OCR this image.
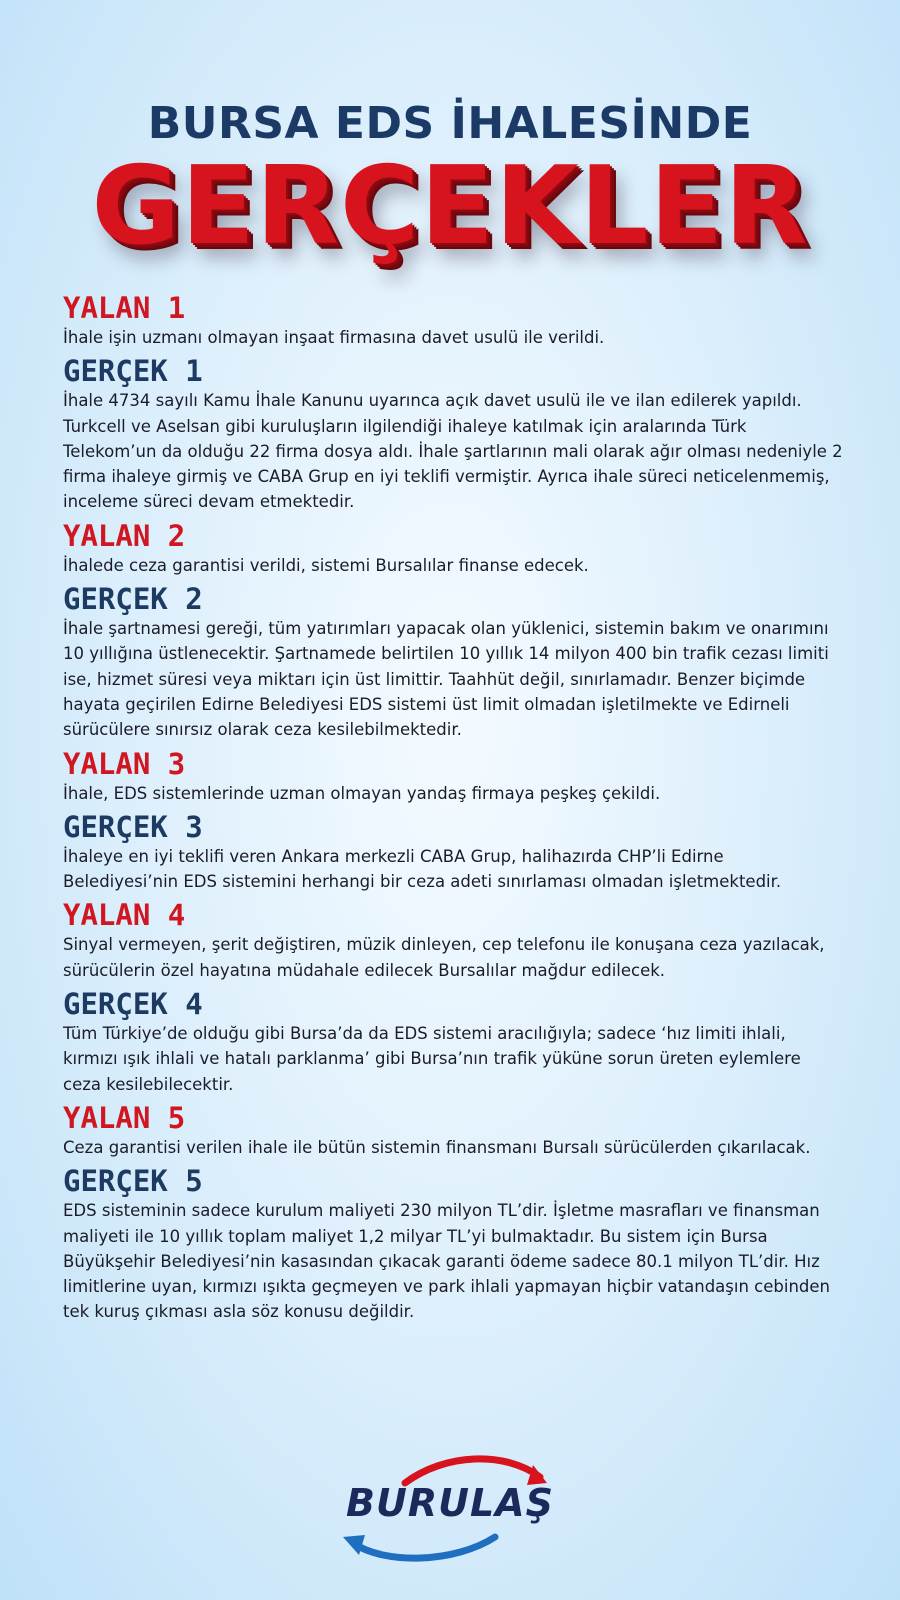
BURSA EDS İHALESİNDE
GERÇEKLER

YALAN 1

İhale işin uzmanı olmayan inşaat firmasına davet usulü ile verildi.

GERÇEK 1

İhale 4734 sayılı Kamu İhale Kanunu uyarınca açık davet usulü ile ve ilan edilerek yapıldı. Turkcell ve Aselsan gibi kuruluşların ilgilendiği ihaleye katılmak için aralarında Türk Telekom’un da olduğu 22 firma dosya aldı. İhale şartlarının mali olarak ağır olması nedeniyle 2 firma ihaleye girmiş ve CABA Grup en iyi teklifi vermiştir. Ayrıca ihale süreci neticelenmemiş, inceleme süreci devam etmektedir.

YALAN 2

İhalede ceza garantisi verildi, sistemi Bursalılar finanse edecek.

GERÇEK 2

İhale şartnamesi gereği, tüm yatırımları yapacak olan yüklenici, sistemin bakım ve onarımını 10 yıllığına üstlenecektir. Şartnamede belirtilen 10 yıllık 14 milyon 400 bin trafik cezası limiti ise, hizmet süresi veya miktarı için üst limittir. Taahhüt değil, sınırlamadır. Benzer biçimde hayata geçirilen Edirne Belediyesi EDS sistemi üst limit olmadan işletilmekte ve Edirneli sürücülere sınırsız olarak ceza kesilebilmektedir.

YALAN 3

İhale, EDS sistemlerinde uzman olmayan yandaş firmaya peşkeş çekildi.

GERÇEK 3

İhaleye en iyi teklifi veren Ankara merkezli CABA Grup, halihazırda CHP’li Edirne Belediyesi’nin EDS sistemini herhangi bir ceza adeti sınırlaması olmadan işletmektedir.

YALAN 4

Sinyal vermeyen, şerit değiştiren, müzik dinleyen, cep telefonu ile konuşana ceza yazılacak, sürücülerin özel hayatına müdahale edilecek Bursalılar mağdur edilecek.

GERÇEK 4

Tüm Türkiye’de olduğu gibi Bursa’da da EDS sistemi aracılığıyla; sadece ‘hız limiti ihlali, kırmızı ışık ihlali ve hatalı parklanma’ gibi Bursa’nın trafik yüküne sorun üreten eylemlere ceza kesilebilecektir.

YALAN 5

Ceza garantisi verilen ihale ile bütün sistemin finansmanı Bursalı sürücülerden çıkarılacak.

GERÇEK 5

EDS sisteminin sadece kurulum maliyeti 230 milyon TL’dir. İşletme masrafları ve finansman maliyeti ile 10 yıllık toplam maliyet 1,2 milyar TL’yi bulmaktadır. Bu sistem için Bursa Büyükşehir Belediyesi’nin kasasından çıkacak garanti ödeme sadece 80.1 milyon TL’dir. Hız limitlerine uyan, kırmızı ışıkta geçmeyen ve park ihlali yapmayan hiçbir vatandaşın cebinden tek kuruş çıkması asla söz konusu değildir.

BURULAŞ
